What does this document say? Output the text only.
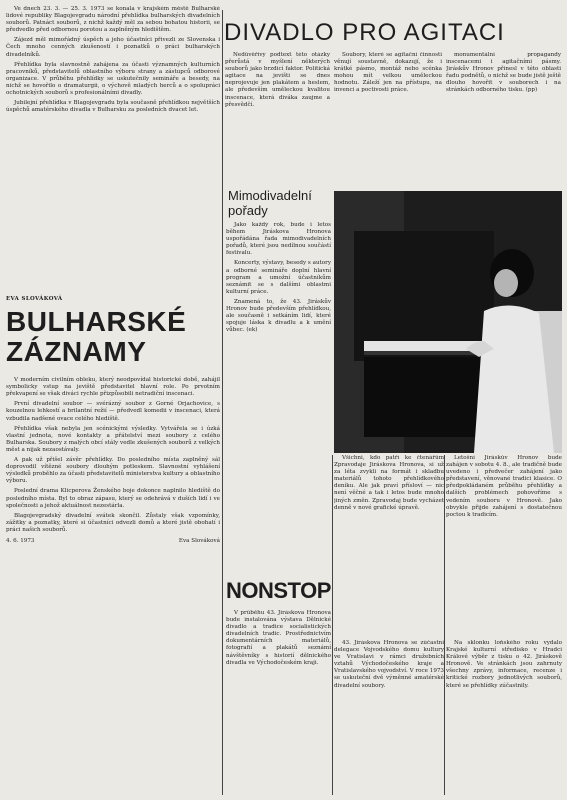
Ve dnech 23. 3. — 25. 3. 1973 se konala v krajském městě Bulharské lidové republiky Blagojevgradu národní přehlídka bulharských divadelních souborů. Patnáct souborů, z nichž každý měl za sebou bohatou historii, se předvedlo před odbornou porotou a zaplněným hledištěm.

Zájezd měl mimořádný úspěch a jeho účastníci přivezli ze Slovenska i Čech mnoho cenných zkušeností i poznatků o práci bulharských divadelníků.

Přehlídka byla slavnostně zahájena za účasti významných kulturních pracovníků, představitelů oblastního výboru strany a zástupců odborové organizace. V průběhu přehlídky se uskutečnily semináře a besedy, na nichž se hovořilo o dramaturgii, o výchově mladých herců a o spolupráci ochotnických souborů s profesionálními divadly.

Jubilejní přehlídka v Blagojevgradu byla současně přehlídkou největších úspěchů amatérského divadla v Bulharsku za posledních dvacet let.

EVA SLOVÁKOVÁ
BULHARSKÉ ZÁZNAMY

V moderním civilním obleku, který neodpovídal historické době, zahájil symbolicky vstup na jeviště představitel hlavní role. Po prvotním překvapení se však diváci rychle přizpůsobili netradiční inscenaci.

První divadelní soubor — svérázný soubor z Gorné Orjachovice, s kouzelnou lehkostí a brilantní režií — předvedl komedii v inscenaci, která vzbudila nadšené ovace celého hlediště.

Přehlídka však nebyla jen scénickými výsledky. Vytvářela se i úzká vlastní jednota, nové kontakty a přátelství mezi soubory z celého Bulharska. Soubory z malých obcí stály vedle zkušených souborů z velkých měst a nijak nezaostávaly.

A pak už přišel závěr přehlídky. Do posledního místa zaplněný sál doprovodil vítězné soubory dlouhým potleskem. Slavnostní vyhlášení výsledků proběhlo za účasti představitelů ministerstva kultury a oblastního výboru.

Poslední drama Klicperova Ženského boje dokonce naplnilo hlediště do posledního místa. Byl to obraz zápasu, který se odehrává v duších lidí i ve společnosti a jehož aktuálnost nezestárla.

Blagojevgradský divadelní svátek skončil. Zůstaly však vzpomínky, zážitky a poznatky, které si účastníci odvezli domů a které jistě obohatí i práci našich souborů.

4. 6. 1973	Eva Slováková
DIVADLO PRO AGITACI

Nedůvěřivý podtext této otázky přerůstá v myšlení některých souborů jako brzdicí faktor. Politická agitace na jevišti se dnes neprojevuje jen plakátem a heslem, ale především uměleckou kvalitou inscenace, která diváka zaujme a přesvědčí.

Soubory, které se agitační činnosti věnují soustavně, dokazují, že i krátké pásmo, montáž nebo scénka mohou mít velkou uměleckou hodnotu. Záleží jen na přístupu, na invenci a poctivosti práce.

monumentální propagandy inscenacemi i agitačními pásmy. Jiráskův Hronov přinesl v této oblasti řadu podnětů, o nichž se bude jistě ještě dlouho hovořit v souborech i na stránkách odborného tisku. (pp)

Mimodivadelní pořady

Jako každý rok, bude i letos během Jiráskova Hronova uspořádána řada mimodivadelních pořadů, které jsou nedílnou součástí festivalu.

Koncerty, výstavy, besedy s autory a odborné semináře doplní hlavní program a umožní účastníkům seznámit se s dalšími oblastmi kulturní práce.

Znamená to, že 43. Jiráskův Hronov bude především přehlídkou, ale současně i setkáním lidí, které spojuje láska k divadlu a k umění vůbec. (ek)

Všichni, kdo patří ke čtenářům Zpravodaje Jiráskova Hronova, si už za léta zvykli na formát i skladbu materiálů tohoto přehlídkového deníku. Ale jak praví přísloví — nic není věčné a tak i letos bude mnoho jiných změn. Zpravodaj bude vycházet denně v nové grafické úpravě.

Letošní Jiráskův Hronov bude zahájen v sobotu 4. 8., ale tradičně bude uvedeno i předvečer zahájení jako představení, věnované tradici klasice. O předpokládaném průběhu přehlídky a dalších problémech pohovoříme s vedením souboru v Hronově. Jako obvykle přijde zahájení s dostatečnou poctou k tradicím.

NONSTOP

V průběhu 43. Jiráskova Hronova bude instalována výstava Dělnické divadlo a tradice socialistických divadelních tradic. Prostřednictvím dokumentárních materiálů, fotografií a plakátů seznámí návštěvníky s historií dělnického divadla ve Východočeském kraji.

43. Jiráskova Hronova se zúčastní delegace Vojvodského domu kultury ve Vratislavi v rámci družebních vztahů Východočeského kraje a Vratislavského vojvodství. V roce 1973 se uskuteční dvě výměnné amatérské divadelní soubory.

Na sklonku loňského roku vydalo Krajské kulturní středisko v Hradci Králové výběr z tisku o 42. Jiráskově Hronově. Ve stránkách jsou zahrnuty všechny zprávy, informace, recenze i kritické rozbory jednotlivých souborů, které se přehlídky zúčastnily.
